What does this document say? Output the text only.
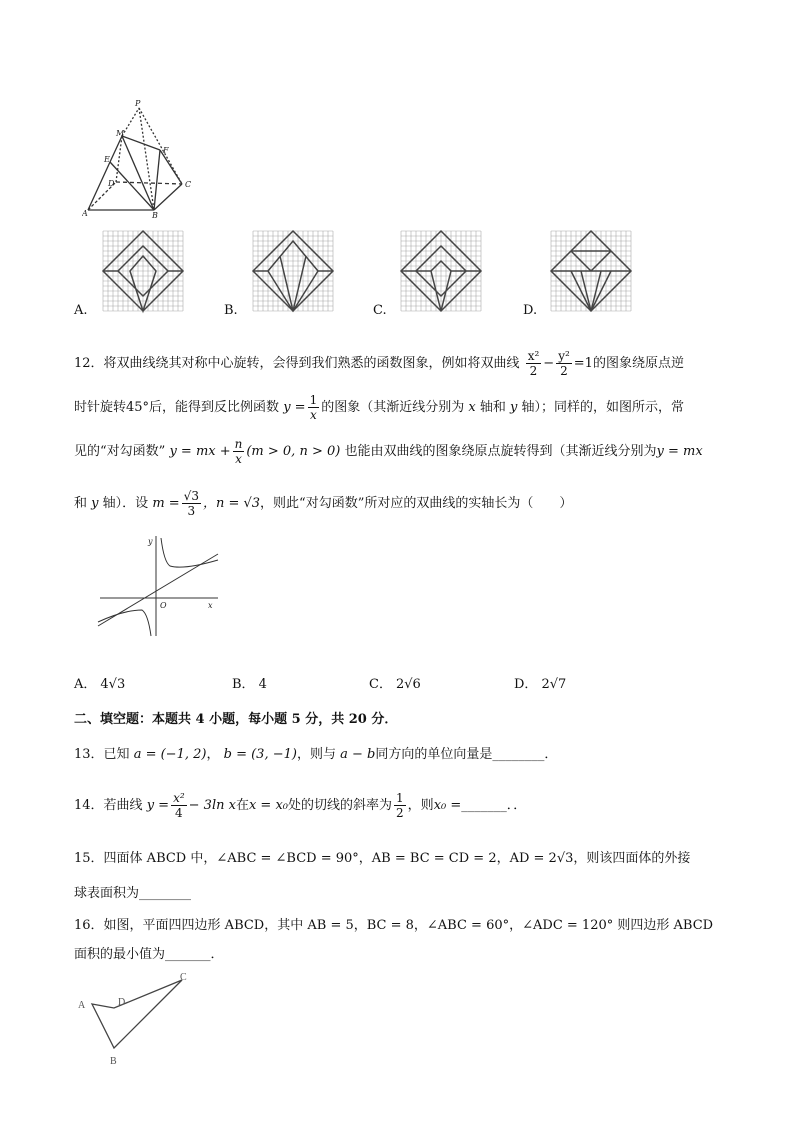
P
M
E
F
D	C
A	B
A.	B.	C.	D.
12．将双曲线绕其对称中心旋转，会得到我们熟悉的函数图象，例如将双曲线 $\frac{\text{x²}}{2} - \frac{\text{y²}}{2} =1$的图象绕原点逆
时针旋转45°后，能得到反比例函数 $y = \frac{1}{x}$ 的图象（其渐近线分别为 x 轴和 y 轴）；同样的，如图所示，常
见的“对勾函数” y = mx + $\frac{n}{x} (m > 0$, n > 0) 也能由双曲线的图象绕原点旋转得到（其渐近线分别为y = mx
和 y 轴）．设 $m = \frac{√3}{3}$ ，n = √3，则此“对勾函数”所对应的双曲线的实轴长为（　　）
y
O	x
A． 4√3	B． 4	C． 2√6	D． 2√7
二、填空题：本题共 4 小题，每小题 5 分，共 20 分．
13．已知 a = (−1, 2)， b = (3, −1)，则与 a − b同方向的单位向量是________．
14．若曲线 $y = \frac{\text{x²}}{4} - 3\ln$ x在x = x₀处的切线的斜率为 $\frac{1}{2}$ ，则x₀ =_______．．
15．四面体 ABCD 中，∠ABC = ∠BCD = 90°，AB = BC = CD = 2，AD = 2√3，则该四面体的外接
球表面积为________
16．如图，平面四四边形 ABCD，其中 AB = 5，BC = 8，∠ABC = 60°，∠ADC = 120° 则四边形 ABCD
面积的最小值为_______．
A	D
C
B
